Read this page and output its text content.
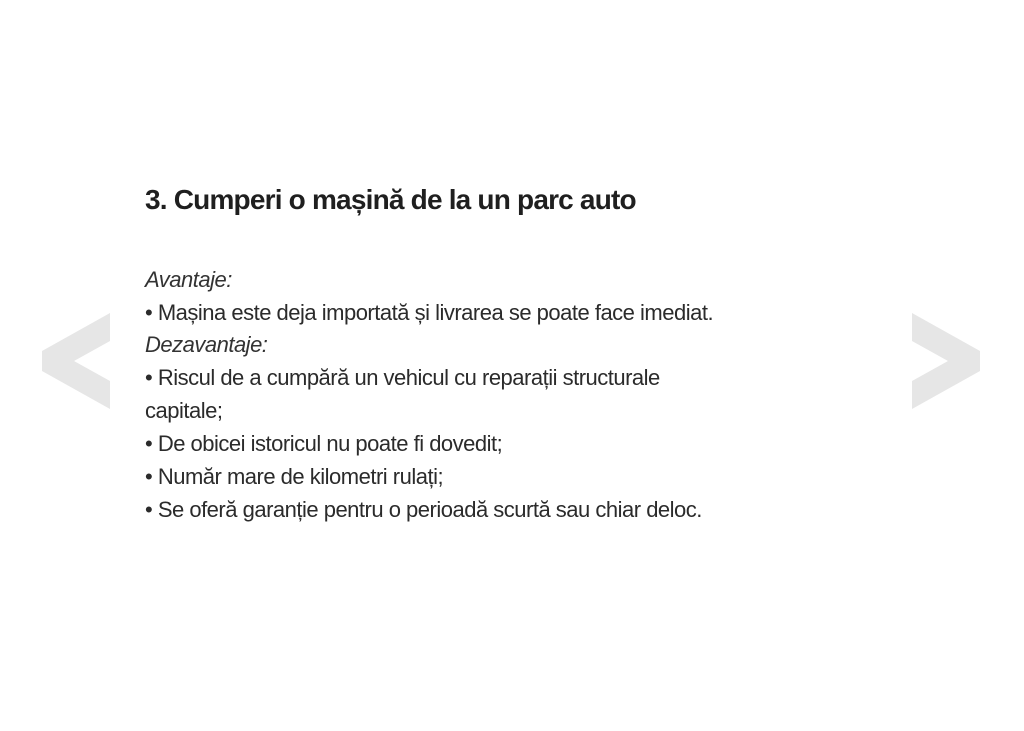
3. Cumperi o mașină de la un parc auto
Avantaje:
• Mașina este deja importată și livrarea se poate face imediat.
Dezavantaje:
• Riscul de a cumpără un vehicul cu reparații structurale capitale;
• De obicei istoricul nu poate fi dovedit;
• Număr mare de kilometri rulați;
• Se oferă garanție pentru o perioadă scurtă sau chiar deloc.
